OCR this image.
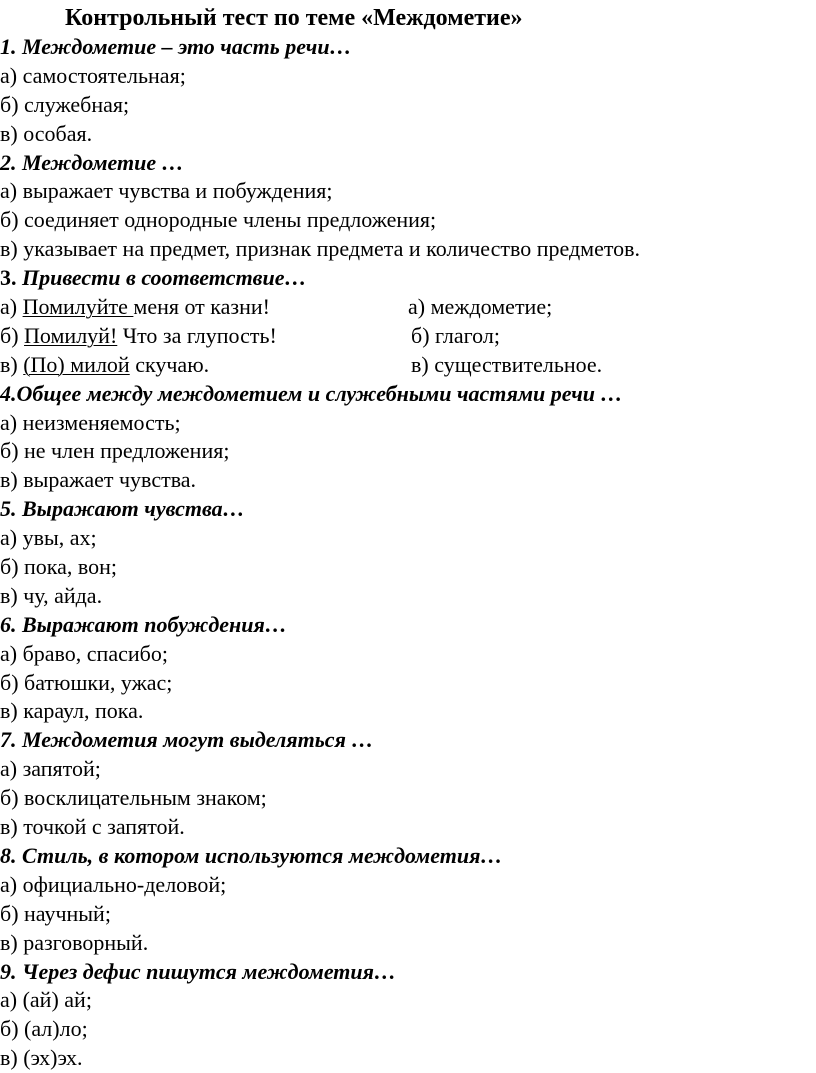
Контрольный тест по теме «Междометие»
1. Междометие – это часть речи…
а) самостоятельная;
б) служебная;
в) особая.
2. Междометие …
а) выражает чувства и побуждения;
б) соединяет однородные члены предложения;
в) указывает на предмет, признак предмета и количество предметов.
3. Привести в соответствие…
а) Помилуйте меня от казни!	а) междометие;
б) Помилуй! Что за глупость!	б) глагол;
в) (По) милой скучаю.	в) существительное.
4.Общее между междометием и служебными частями речи …
а) неизменяемость;
б) не член предложения;
в) выражает чувства.
5. Выражают чувства…
а) увы, ах;
б) пока, вон;
в) чу, айда.
6. Выражают побуждения…
а) браво, спасибо;
б) батюшки, ужас;
в) караул, пока.
7. Междометия могут выделяться …
а) запятой;
б) восклицательным знаком;
в) точкой с запятой.
8. Стиль, в котором используются междометия…
а) официально-деловой;
б) научный;
в) разговорный.
9. Через дефис пишутся междометия…
а) (ай) ай;
б) (ал)ло;
в) (эх)эх.
